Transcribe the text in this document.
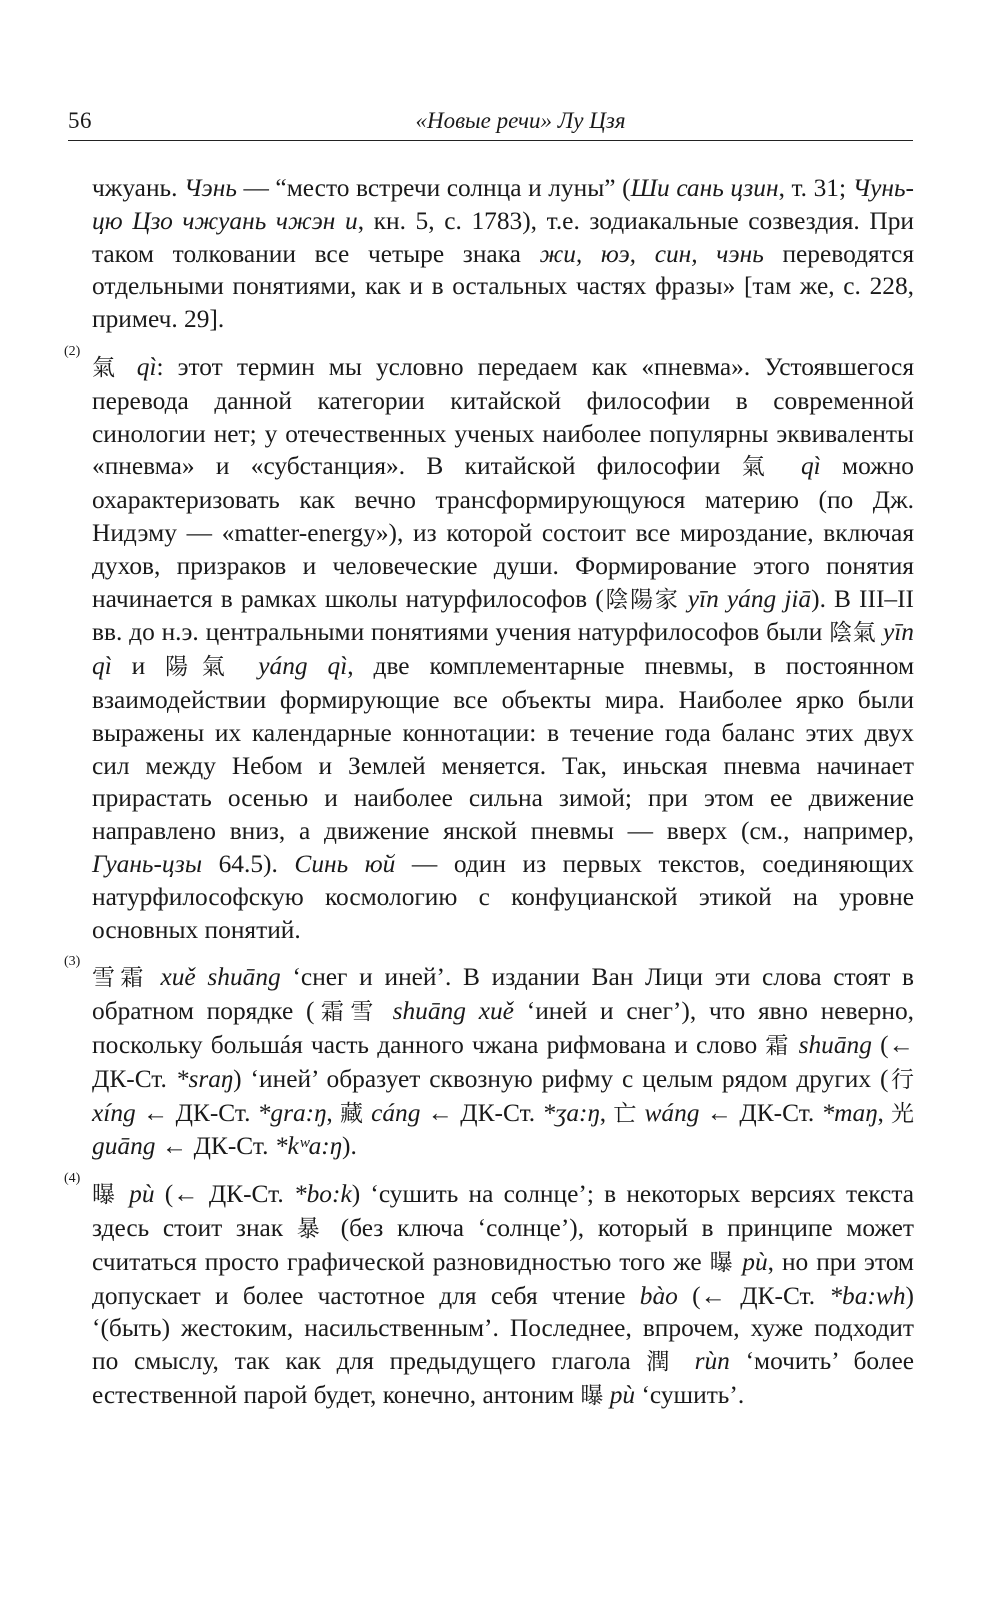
56	«Новые речи» Лу Цзя

чжуань. Чэнь — “место встречи солнца и луны” (Ши сань цзин, т. 31; Чунь-цю Цзо чжуань чжэн и, кн. 5, с. 1783), т.е. зодиакальные созвездия. При таком толковании все четыре знака жи, юэ, син, чэнь переводятся отдельными понятиями, как и в остальных частях фразы» [там же, с. 228, примеч. 29].

(2)
氣 qì: этот термин мы условно передаем как «пневма». Устоявшегося перевода данной категории китайской философии в современной синологии нет; у отечественных ученых наиболее популярны эквиваленты «пневма» и «субстанция». В китайской философии 氣 qì можно охарактеризовать как вечно трансформирующуюся материю (по Дж. Нидэму — «matter-energy»), из которой состоит все мироздание, включая духов, призраков и человеческие души. Формирование этого понятия начинается в рамках школы натурфилософов (陰陽家 yīn yáng jiā). В III–II вв. до н.э. центральными понятиями учения натурфилософов были 陰氣 yīn qì и 陽氣 yáng qì, две комплементарные пневмы, в постоянном взаимодействии формирующие все объекты мира. Наиболее ярко были выражены их календарные коннотации: в течение года баланс этих двух сил между Небом и Землей меняется. Так, иньская пневма начинает прирастать осенью и наиболее сильна зимой; при этом ее движение направлено вниз, а движение янской пневмы — вверх (см., например, Гуань-цзы 64.5). Синь юй — один из первых текстов, соединяющих натурфилософскую космологию с конфуцианской этикой на уровне основных понятий.

(3)
雪霜 xuě shuāng ‘снег и иней’. В издании Ван Лици эти слова стоят в обратном порядке (霜雪 shuāng xuě ‘иней и снег’), что явно неверно, поскольку большáя часть данного чжана рифмована и слово 霜 shuāng (← ДК-Ст. *sraŋ) ‘иней’ образует сквозную рифму с целым рядом других (行 xíng ← ДК-Ст. *gra:ŋ, 藏 cáng ← ДК-Ст. *ʒa:ŋ, 亡 wáng ← ДК-Ст. *maŋ, 光 guāng ← ДК-Ст. *kʷa:ŋ).

(4)
曝 pù (← ДК-Ст. *bo:k) ‘сушить на солнце’; в некоторых версиях текста здесь стоит знак 暴 (без ключа ‘солнце’), который в принципе может считаться просто графической разновидностью того же 曝 pù, но при этом допускает и более частотное для себя чтение bào (← ДК-Ст. *ba:wh) ‘(быть) жестоким, насильственным’. Последнее, впрочем, хуже подходит по смыслу, так как для предыдущего глагола 潤 rùn ‘мочить’ более естественной парой будет, конечно, антоним 曝 pù ‘сушить’.
